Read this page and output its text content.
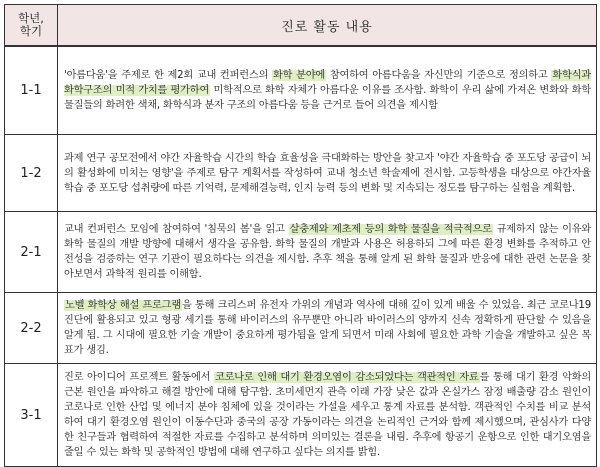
학년,
학기	진로 활동 내용
1-1	'아름다움'을 주제로 한 제2회 교내 컨퍼런스의 화학 분야에 참여하여 아름다움을 자신만의 기준으로 정의하고 화학식과 화학구조의 미적 가치를 평가하여 미학적으로 화학 자체가 아름다운 이유를 조사함. 화학이 우리 삶에 가져온 변화와 화학 물질들의 화려한 색채, 화학식과 분자 구조의 아름다움 등을 근거로 들어 의견을 제시함
1-2	과제 연구 공모전에서 야간 자율학습 시간의 학습 효율성을 극대화하는 방안을 찾고자 '야간 자율학습 중 포도당 공급이 뇌의 활성화에 미치는 영향'을 주제로 탐구 계획서를 작성하여 교내 청소년 학술제에 전시함. 고등학생을 대상으로 야간자율학습 중 포도당 섭취량에 따른 기억력, 문제해결능력, 인지 능력 등의 변화 및 지속되는 정도를 탐구하는 실험을 계획함.
2-1	교내 컨퍼런스 모임에 참여하여 '침묵의 봄'을 읽고 살충제와 제초제 등의 화학 물질을 적극적으로 규제하지 않는 이유와 화학 물질의 개발 방향에 대해서 생각을 공유함. 화학 물질의 개발과 사용은 허용하되 그에 따른 환경 변화를 추적하고 안전성을 검증하는 연구 기관이 필요하다는 의견을 제시함. 추후 책을 통해 알게 된 화학 물질과 반응에 대한 관련 논문을 찾아보면서 과학적 원리를 이해함.
2-2	노벨 화학상 해설 프로그램을 통해 크리스퍼 유전자 가위의 개념과 역사에 대해 깊이 있게 배울 수 있었음. 최근 코로나19 진단에 활용되고 있고 형광 세기를 통해 바이러스의 유무뿐만 아니라 바이러스의 양까지 신속 정확하게 판단할 수 있음을 알게 됨. 그 시대에 필요한 기술 개발이 중요하게 평가됨을 알게 되면서 미래 사회에 필요한 과학 기술을 개발하고 싶은 목표가 생김.
3-1	진로 아이디어 프로젝트 활동에서 코로나로 인해 대기 환경오염이 감소되었다는 객관적인 자료를 통해 대기 환경 악화의 근본 원인을 파악하고 해결 방안에 대해 탐구함. 초미세먼지 관측 이래 가장 낮은 값과 온실가스 잠정 배출량 감소 원인이 코로나로 인한 산업 및 에너지 분야 침체에 있을 것이라는 가설을 세우고 통계 자료를 분석함. 객관적인 수치를 비교 분석하여 대기 환경오염 원인이 이동수단과 중국의 공장 가동이라는 의견을 논리적인 근거와 함께 제시했으며, 관심사가 다양한 친구들과 협력하여 적절한 자료를 수집하고 분석하며 의미있는 결론을 내림. 추후에 항공기 운항으로 인한 대기오염을 줄일 수 있는 화학 및 공학적인 방법에 대해 연구하고 싶다는 의지를 밝힘.
